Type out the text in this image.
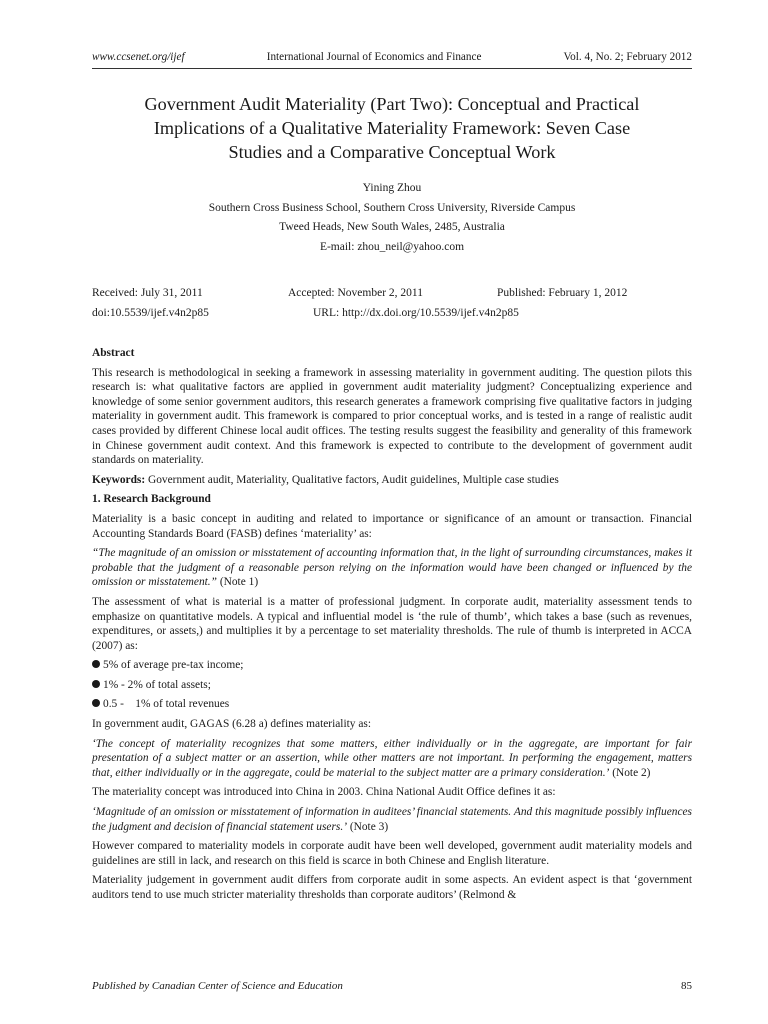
www.ccsenet.org/ijef	International Journal of Economics and Finance	Vol. 4, No. 2; February 2012
Government Audit Materiality (Part Two): Conceptual and Practical
Implications of a Qualitative Materiality Framework: Seven Case
Studies and a Comparative Conceptual Work
Yining Zhou
Southern Cross Business School, Southern Cross University, Riverside Campus
Tweed Heads, New South Wales, 2485, Australia
E-mail: zhou_neil@yahoo.com
Received: July 31, 2011	Accepted: November 2, 2011	Published: February 1, 2012
doi:10.5539/ijef.v4n2p85	URL: http://dx.doi.org/10.5539/ijef.v4n2p85
Abstract

This research is methodological in seeking a framework in assessing materiality in government auditing. The question pilots this research is: what qualitative factors are applied in government audit materiality judgment? Conceptualizing experience and knowledge of some senior government auditors, this research generates a framework comprising five qualitative factors in judging materiality in government audit. This framework is compared to prior conceptual works, and is tested in a range of realistic audit cases provided by different Chinese local audit offices. The testing results suggest the feasibility and generality of this framework in Chinese government audit context. And this framework is expected to contribute to the development of government audit standards on materiality.

Keywords: Government audit, Materiality, Qualitative factors, Audit guidelines, Multiple case studies

1. Research Background

Materiality is a basic concept in auditing and related to importance or significance of an amount or transaction. Financial Accounting Standards Board (FASB) defines ‘materiality’ as:

“The magnitude of an omission or misstatement of accounting information that, in the light of surrounding circumstances, makes it probable that the judgment of a reasonable person relying on the information would have been changed or influenced by the omission or misstatement.” (Note 1)

The assessment of what is material is a matter of professional judgment. In corporate audit, materiality assessment tends to emphasize on quantitative models. A typical and influential model is ‘the rule of thumb’, which takes a base (such as revenues, expenditures, or assets,) and multiplies it by a percentage to set materiality thresholds. The rule of thumb is interpreted in ACCA (2007) as:

5% of average pre-tax income;
1% - 2% of total assets;
0.5 -    1% of total revenues

In government audit, GAGAS (6.28 a) defines materiality as:

‘The concept of materiality recognizes that some matters, either individually or in the aggregate, are important for fair presentation of a subject matter or an assertion, while other matters are not important. In performing the engagement, matters that, either individually or in the aggregate, could be material to the subject matter are a primary consideration.’ (Note 2)

The materiality concept was introduced into China in 2003. China National Audit Office defines it as:

‘Magnitude of an omission or misstatement of information in auditees’ financial statements. And this magnitude possibly influences the judgment and decision of financial statement users.’ (Note 3)

However compared to materiality models in corporate audit have been well developed, government audit materiality models and guidelines are still in lack, and research on this field is scarce in both Chinese and English literature.

Materiality judgement in government audit differs from corporate audit in some aspects. An evident aspect is that ‘government auditors tend to use much stricter materiality thresholds than corporate auditors’ (Relmond &

Published by Canadian Center of Science and Education	85
